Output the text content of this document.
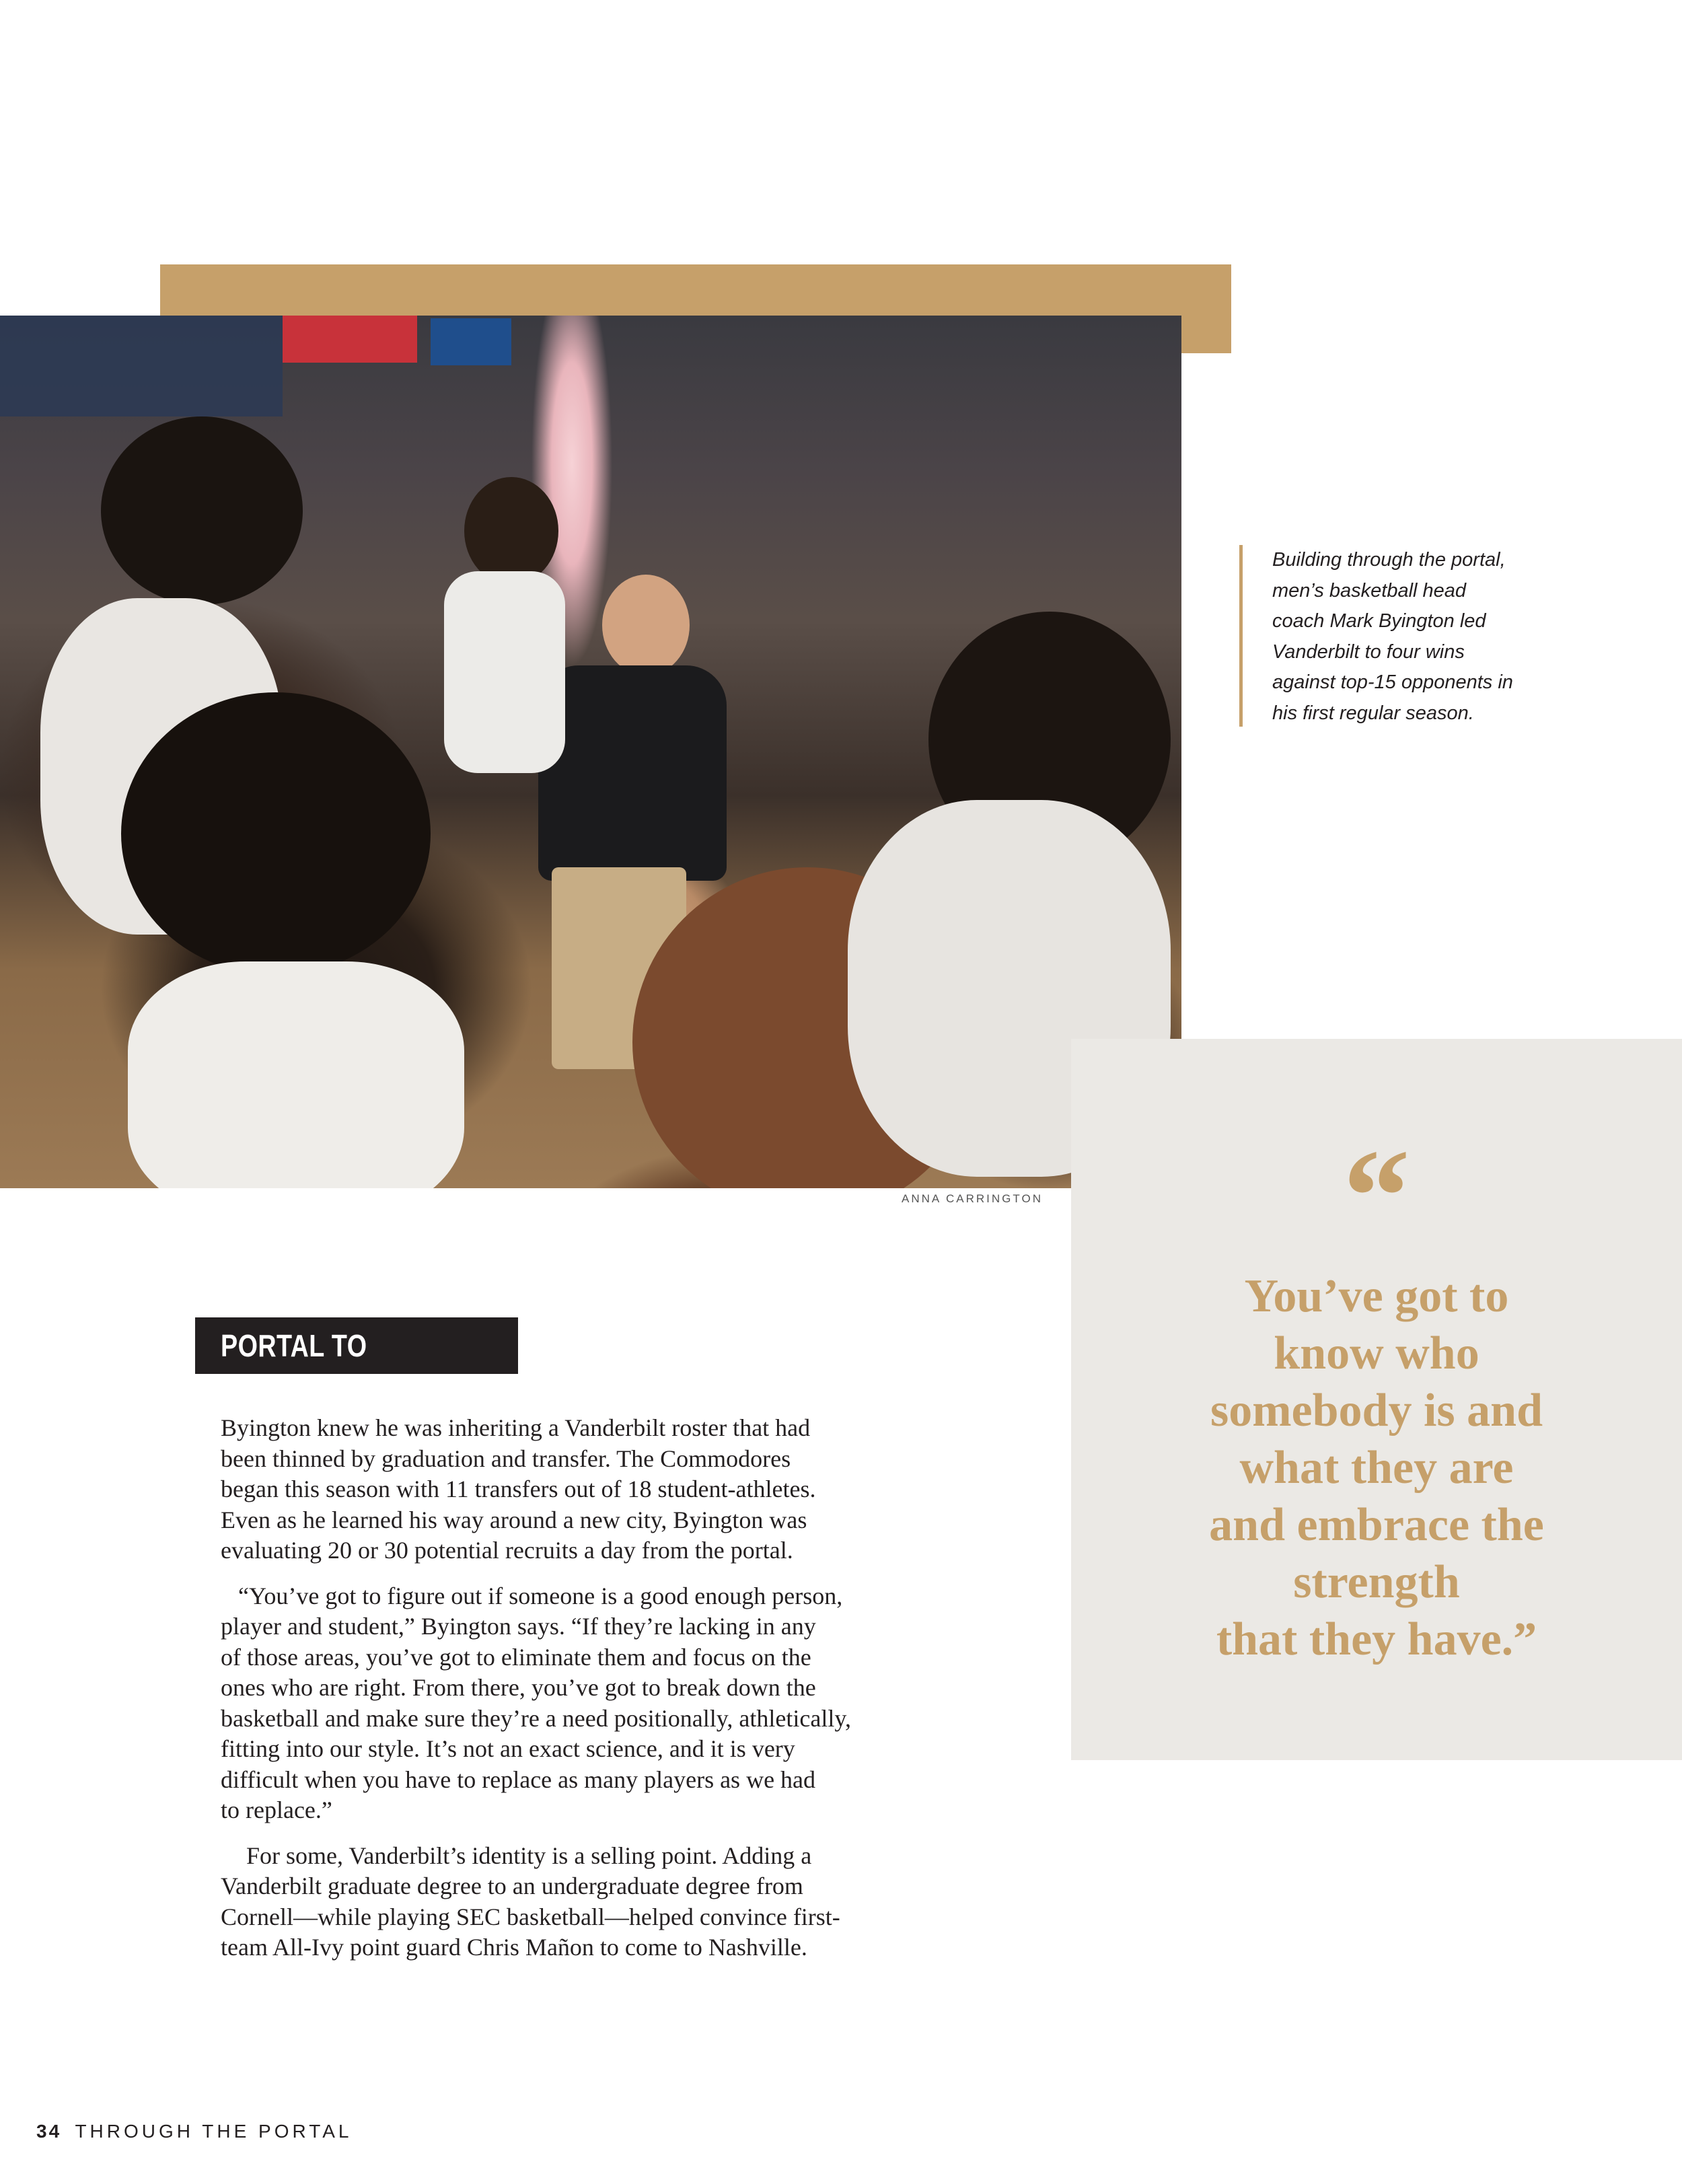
ANNA CARRINGTON
Building through the portal,
men’s basketball head
coach Mark Byington led
Vanderbilt to four wins
against top-15 opponents in
his first regular season.
“
You’ve got to
know who
somebody is and
what they are
and embrace the
strength
that they have.”
PORTAL TO COMPETITION

Byington knew he was inheriting a Vanderbilt roster that had
been thinned by graduation and transfer. The Commodores
began this season with 11 transfers out of 18 student-athletes.
Even as he learned his way around a new city, Byington was
evaluating 20 or 30 potential recruits a day from the portal.

“You’ve got to figure out if someone is a good enough person,
player and student,” Byington says. “If they’re lacking in any
of those areas, you’ve got to eliminate them and focus on the
ones who are right. From there, you’ve got to break down the
basketball and make sure they’re a need positionally, athletically,
fitting into our style. It’s not an exact science, and it is very
difficult when you have to replace as many players as we had
to replace.”

For some, Vanderbilt’s identity is a selling point. Adding a
Vanderbilt graduate degree to an undergraduate degree from
Cornell—while playing SEC basketball—helped convince first-
team All-Ivy point guard Chris Mañon to come to Nashville.

34 THROUGH THE PORTAL
